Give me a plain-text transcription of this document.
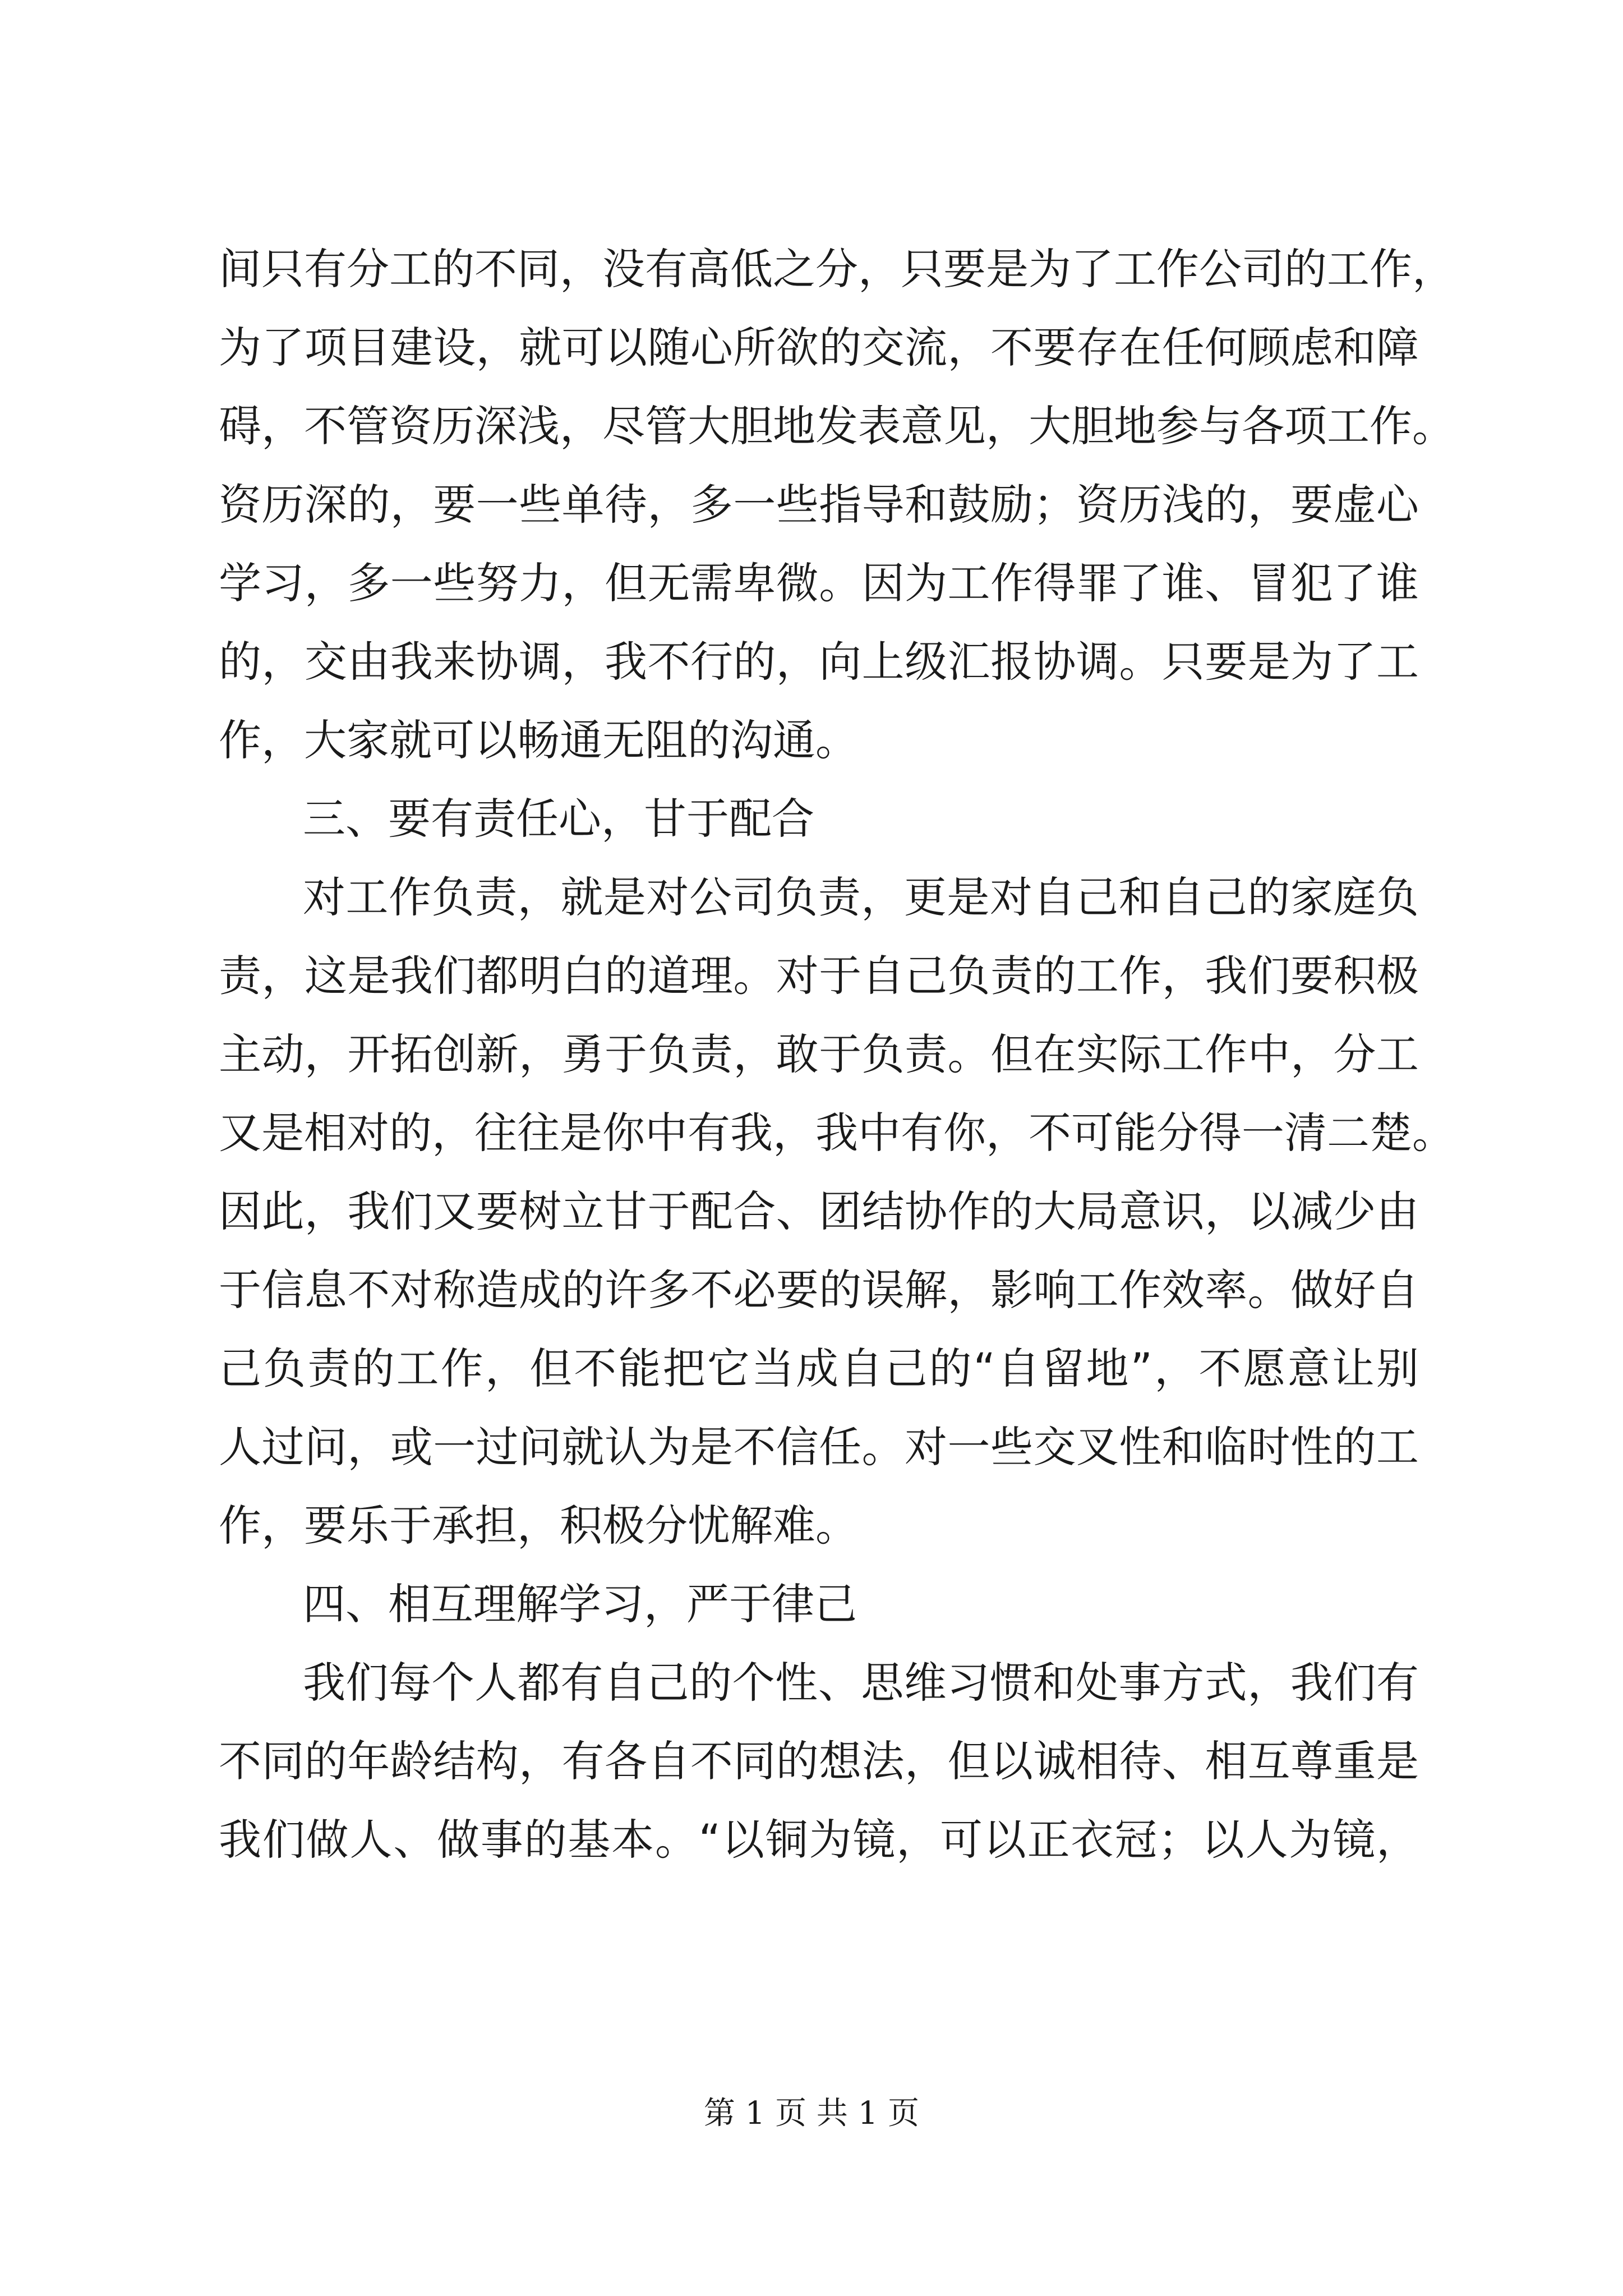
间只有分工的不同，没有高低之分，只要是为了工作公司的工作，
为了项目建设，就可以随心所欲的交流，不要存在任何顾虑和障
碍，不管资历深浅，尽管大胆地发表意见，大胆地参与各项工作。
资历深的，要一些单待，多一些指导和鼓励；资历浅的，要虚心
学习，多一些努力，但无需卑微。因为工作得罪了谁、冒犯了谁
的，交由我来协调，我不行的，向上级汇报协调。只要是为了工
作，大家就可以畅通无阻的沟通。
三、要有责任心，甘于配合
对工作负责，就是对公司负责，更是对自己和自己的家庭负
责，这是我们都明白的道理。对于自己负责的工作，我们要积极
主动，开拓创新，勇于负责，敢于负责。但在实际工作中，分工
又是相对的，往往是你中有我，我中有你，不可能分得一清二楚。
因此，我们又要树立甘于配合、团结协作的大局意识，以减少由
于信息不对称造成的许多不必要的误解，影响工作效率。做好自
己负责的工作，但不能把它当成自己的“自留地”，不愿意让别
人过问，或一过问就认为是不信任。对一些交叉性和临时性的工
作，要乐于承担，积极分忧解难。
四、相互理解学习，严于律己
我们每个人都有自己的个性、思维习惯和处事方式，我们有
不同的年龄结构，有各自不同的想法，但以诚相待、相互尊重是
我们做人、做事的基本。“以铜为镜，可以正衣冠；以人为镜，
第 1 页 共 1 页
